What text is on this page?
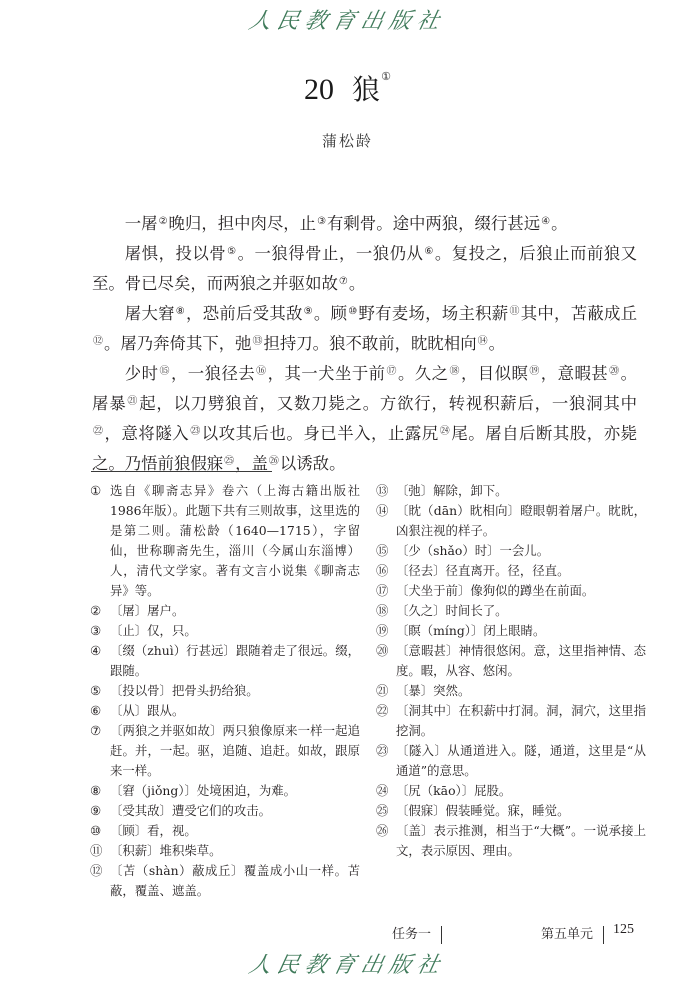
人民教育出版社
20 狼①
蒲松龄

一屠②晚归，担中肉尽，止③有剩骨。途中两狼，缀行甚远④。

屠惧，投以骨⑤。一狼得骨止，一狼仍从⑥。复投之，后狼止而前狼又至。骨已尽矣，而两狼之并驱如故⑦。

屠大窘⑧，恐前后受其敌⑨。顾⑩野有麦场，场主积薪⑪其中，苫蔽成丘⑫。屠乃奔倚其下，弛⑬担持刀。狼不敢前，眈眈相向⑭。

少时⑮，一狼径去⑯，其一犬坐于前⑰。久之⑱，目似瞑⑲，意暇甚⑳。屠暴$^㉑$起，以刀劈狼首，又数刀毙之。方欲行，转视积薪后，一狼洞其中$^㉒$，意将隧入$^㉓$以攻其后也。身已半入，止露尻$^㉔$尾。屠自后断其股，亦毙之。乃悟前狼假寐$^㉕$，盖$^㉖$以诱敌。

① 选自《聊斋志异》卷六（上海古籍出版社1986年版）。此题下共有三则故事，这里选的是第二则。蒲松龄（1640—1715），字留仙，世称聊斋先生，淄川（今属山东淄博）人，清代文学家。著有文言小说集《聊斋志异》等。
② 〔屠〕屠户。
③ 〔止〕仅，只。
④ 〔缀（zhuì）行甚远〕跟随着走了很远。缀，跟随。
⑤ 〔投以骨〕把骨头扔给狼。
⑥ 〔从〕跟从。
⑦ 〔两狼之并驱如故〕两只狼像原来一样一起追赶。并，一起。驱，追随、追赶。如故，跟原来一样。
⑧ 〔窘（jiǒng）〕处境困迫，为难。
⑨ 〔受其敌〕遭受它们的攻击。
⑩ 〔顾〕看，视。
⑪ 〔积薪〕堆积柴草。
⑫ 〔苫（shàn）蔽成丘〕覆盖成小山一样。苫蔽，覆盖、遮盖。
⑬ 〔弛〕解除，卸下。
⑭ 〔眈（dān）眈相向〕瞪眼朝着屠户。眈眈，凶狠注视的样子。
⑮ 〔少（shǎo）时〕一会儿。
⑯ 〔径去〕径直离开。径，径直。
⑰ 〔犬坐于前〕像狗似的蹲坐在前面。
⑱ 〔久之〕时间长了。
⑲ 〔瞑（míng）〕闭上眼睛。
⑳ 〔意暇甚〕神情很悠闲。意，这里指神情、态度。暇，从容、悠闲。
㉑ 〔暴〕突然。
㉒ 〔洞其中〕在积薪中打洞。洞，洞穴，这里指挖洞。
㉓ 〔隧入〕从通道进入。隧，通道，这里是“从通道”的意思。
㉔ 〔尻（kāo）〕屁股。
㉕ 〔假寐〕假装睡觉。寐，睡觉。
㉖ 〔盖〕表示推测，相当于“大概”。一说承接上文，表示原因、理由。
任务一	第五单元	125
人民教育出版社
